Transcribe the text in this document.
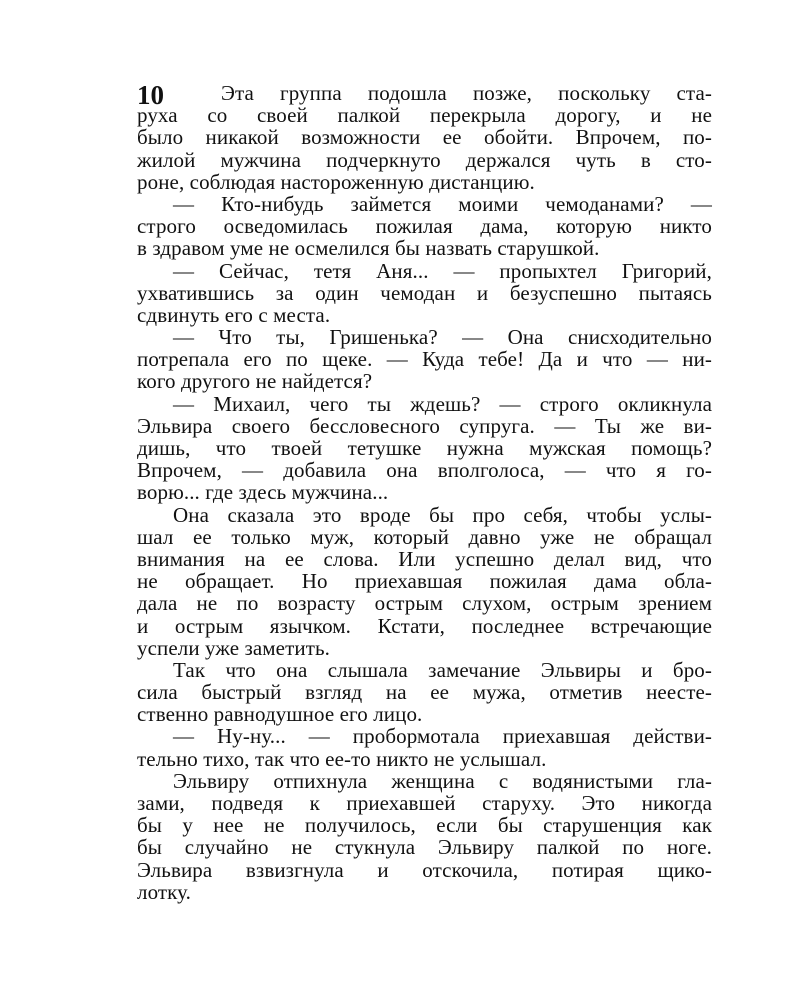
10	Эта группа подошла позже, поскольку ста-
руха со своей палкой перекрыла дорогу, и не
было никакой возможности ее обойти. Впрочем, по-
жилой мужчина подчеркнуто держался чуть в сто-
роне, соблюдая настороженную дистанцию.
— Кто-нибудь займется моими чемоданами? —
строго осведомилась пожилая дама, которую никто
в здравом уме не осмелился бы назвать старушкой.
— Сейчас, тетя Аня... — пропыхтел Григорий,
ухватившись за один чемодан и безуспешно пытаясь
сдвинуть его с места.
— Что ты, Гришенька? — Она снисходительно
потрепала его по щеке. — Куда тебе! Да и что — ни-
кого другого не найдется?
— Михаил, чего ты ждешь? — строго окликнула
Эльвира своего бессловесного супруга. — Ты же ви-
дишь, что твоей тетушке нужна мужская помощь?
Впрочем, — добавила она вполголоса, — что я го-
ворю... где здесь мужчина...
Она сказала это вроде бы про себя, чтобы услы-
шал ее только муж, который давно уже не обращал
внимания на ее слова. Или успешно делал вид, что
не обращает. Но приехавшая пожилая дама обла-
дала не по возрасту острым слухом, острым зрением
и острым язычком. Кстати, последнее встречающие
успели уже заметить.
Так что она слышала замечание Эльвиры и бро-
сила быстрый взгляд на ее мужа, отметив неесте-
ственно равнодушное его лицо.
— Ну-ну... — пробормотала приехавшая действи-
тельно тихо, так что ее-то никто не услышал.
Эльвиру отпихнула женщина с водянистыми гла-
зами, подведя к приехавшей старуху. Это никогда
бы у нее не получилось, если бы старушенция как
бы случайно не стукнула Эльвиру палкой по ноге.
Эльвира взвизгнула и отскочила, потирая щико-
лотку.
